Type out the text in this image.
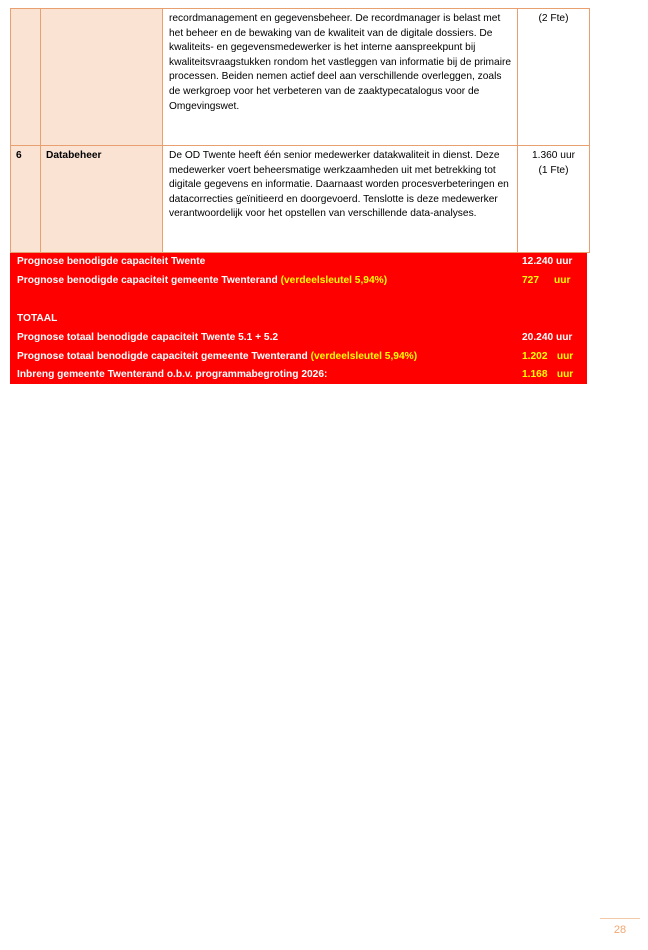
		recordmanagement en gegevensbeheer. De recordmanager is belast met het beheer en de bewaking van de kwaliteit van de digitale dossiers. De kwaliteits- en gegevensmedewerker is het interne aanspreekpunt bij kwaliteitsvraagstukken rondom het vastleggen van informatie bij de primaire processen. Beiden nemen actief deel aan verschillende overleggen, zoals de werkgroep voor het verbeteren van de zaaktypecatalogus voor de Omgevingswet.	(2 Fte)

6	Databeheer	De OD Twente heeft één senior medewerker datakwaliteit in dienst. Deze medewerker voert beheersmatige werkzaamheden uit met betrekking tot digitale gegevens en informatie. Daarnaast worden procesverbeteringen en datacorrecties geïnitieerd en doorgevoerd. Tenslotte is deze medewerker verantwoordelijk voor het opstellen van verschillende data-analyses.	1.360 uur
(1 Fte)
Prognose benodigde capaciteit Twente	12.240 uur
Prognose benodigde capaciteit gemeente Twenterand (verdeelsleutel 5,94%)	727 uur
TOTAAL
Prognose totaal benodigde capaciteit Twente 5.1 + 5.2	20.240 uur
Prognose totaal benodigde capaciteit gemeente Twenterand (verdeelsleutel 5,94%)	1.202 uur
Inbreng gemeente Twenterand o.b.v. programmabegroting 2026:	1.168 uur
28
